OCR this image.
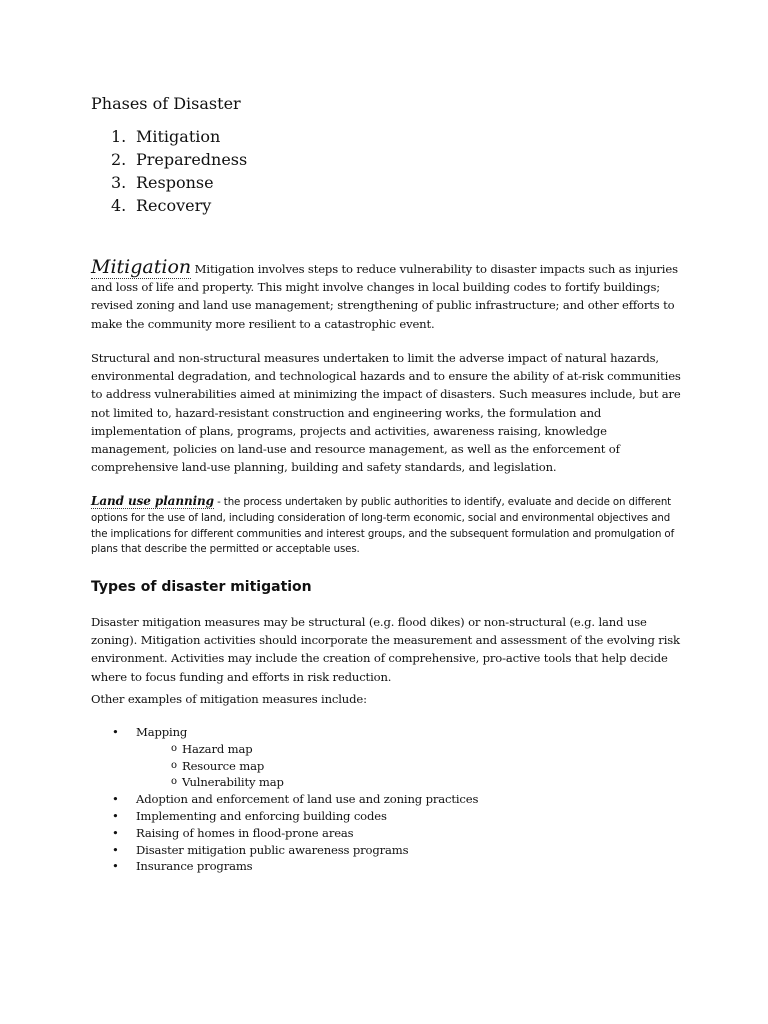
Phases of Disaster
1. Mitigation
2. Preparedness
3. Response
4. Recovery

Mitigation Mitigation involves steps to reduce vulnerability to disaster impacts such as injuries and loss of life and property. This might involve changes in local building codes to fortify buildings; revised zoning and land use management; strengthening of public infrastructure; and other efforts to make the community more resilient to a catastrophic event.

Structural and non-structural measures undertaken to limit the adverse impact of natural hazards, environmental degradation, and technological hazards and to ensure the ability of at-risk communities to address vulnerabilities aimed at minimizing the impact of disasters. Such measures include, but are not limited to, hazard-resistant construction and engineering works, the formulation and implementation of plans, programs, projects and activities, awareness raising, knowledge management, policies on land-use and resource management, as well as the enforcement of comprehensive land-use planning, building and safety standards, and legislation.

Land use planning - the process undertaken by public authorities to identify, evaluate and decide on different options for the use of land, including consideration of long-term economic, social and environmental objectives and the implications for different communities and interest groups, and the subsequent formulation and promulgation of plans that describe the permitted or acceptable uses.

Types of disaster mitigation

Disaster mitigation measures may be structural (e.g. flood dikes) or non-structural (e.g. land use zoning). Mitigation activities should incorporate the measurement and assessment of the evolving risk environment. Activities may include the creation of comprehensive, pro-active tools that help decide where to focus funding and efforts in risk reduction.

Other examples of mitigation measures include:

• Mapping
o Hazard map
o Resource map
o Vulnerability map
• Adoption and enforcement of land use and zoning practices
• Implementing and enforcing building codes
• Raising of homes in flood-prone areas
• Disaster mitigation public awareness programs
• Insurance programs
